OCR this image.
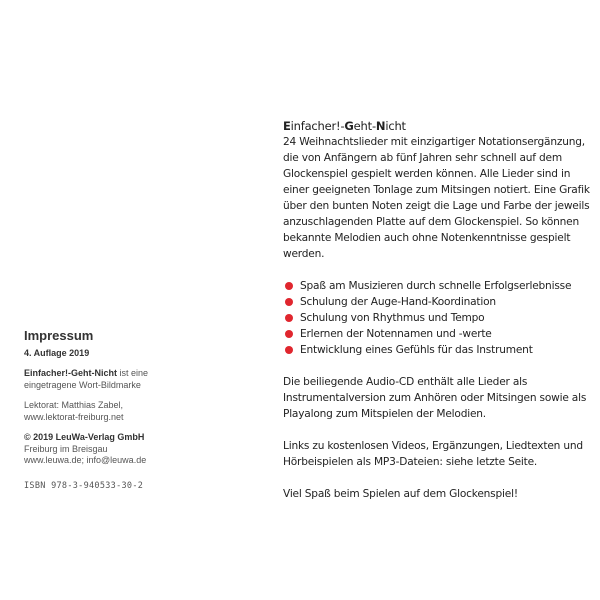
Impressum

4. Auflage 2019

Einfacher!-Geht-Nicht ist eine eingetragene Wort-Bildmarke

Lektorat: Matthias Zabel,
www.lektorat-freiburg.net

© 2019 LeuWa-Verlag GmbH
Freiburg im Breisgau
www.leuwa.de; info@leuwa.de

ISBN 978-3-940533-30-2
Einfacher!-Geht-Nicht

24 Weihnachtslieder mit einzigartiger Notationsergänzung, die von Anfängern ab fünf Jahren sehr schnell auf dem Glockenspiel gespielt werden können. Alle Lieder sind in einer geeigneten Tonlage zum Mitsingen notiert. Eine Grafik über den bunten Noten zeigt die Lage und Farbe der jeweils anzuschlagenden Platte auf dem Glockenspiel. So können bekannte Melodien auch ohne Notenkenntnisse gespielt werden.

Spaß am Musizieren durch schnelle Erfolgserlebnisse
Schulung der Auge-Hand-Koordination
Schulung von Rhythmus und Tempo
Erlernen der Notennamen und -werte
Entwicklung eines Gefühls für das Instrument

Die beiliegende Audio-CD enthält alle Lieder als Instrumentalversion zum Anhören oder Mitsingen sowie als Playalong zum Mitspielen der Melodien.

Links zu kostenlosen Videos, Ergänzungen, Liedtexten und Hörbeispielen als MP3-Dateien: siehe letzte Seite.

Viel Spaß beim Spielen auf dem Glockenspiel!
